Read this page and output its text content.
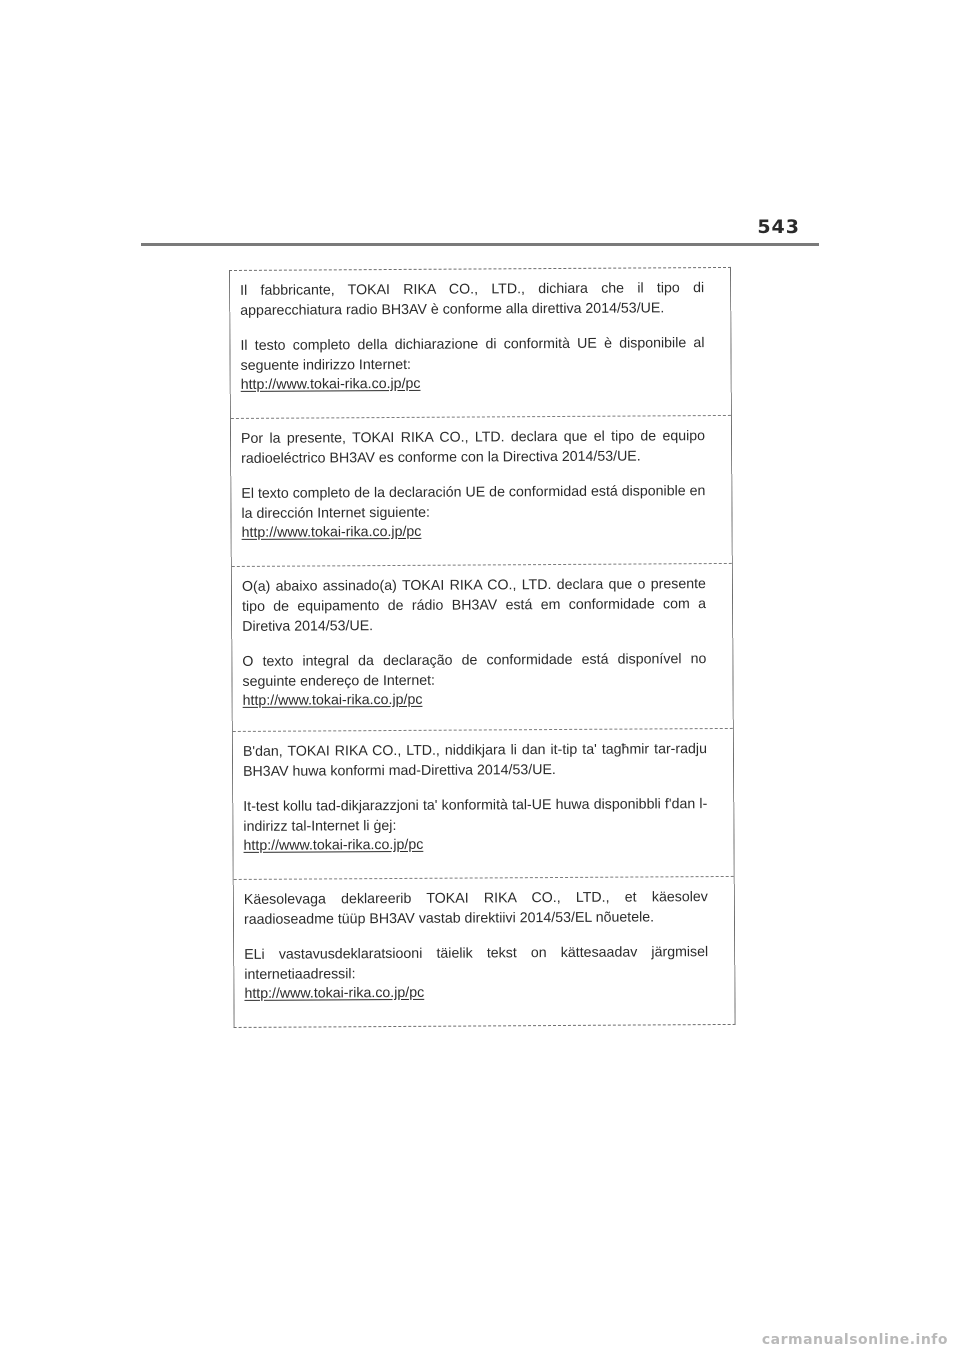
543

Il fabbricante, TOKAI RIKA CO., LTD., dichiara che il tipo di apparecchiatura radio BH3AV è conforme alla direttiva 2014/53/UE.

Il testo completo della dichiarazione di conformità UE è disponibile al seguente indirizzo Internet:

http://www.tokai-rika.co.jp/pc

Por la presente, TOKAI RIKA CO., LTD. declara que el tipo de equipo radioeléctrico BH3AV es conforme con la Directiva 2014/53/UE.

El texto completo de la declaración UE de conformidad está disponible en la dirección Internet siguiente:

http://www.tokai-rika.co.jp/pc

O(a) abaixo assinado(a) TOKAI RIKA CO., LTD. declara que o presente tipo de equipamento de rádio BH3AV está em conformidade com a Diretiva 2014/53/UE.

O texto integral da declaração de conformidade está disponível no seguinte endereço de Internet:

http://www.tokai-rika.co.jp/pc

B'dan, TOKAI RIKA CO., LTD., niddikjara li dan it-tip ta' tagħmir tar-radju BH3AV huwa konformi mad-Direttiva 2014/53/UE.

It-test kollu tad-dikjarazzjoni ta' konformità tal-UE huwa disponibbli f'dan l-indirizz tal-Internet li ġej:

http://www.tokai-rika.co.jp/pc

Käesolevaga deklareerib TOKAI RIKA CO., LTD., et käesolev raadioseadme tüüp BH3AV vastab direktiivi 2014/53/EL nõuetele.

ELi vastavusdeklaratsiooni täielik tekst on kättesaadav järgmisel internetiaadressil:

http://www.tokai-rika.co.jp/pc
carmanualsonline.info
